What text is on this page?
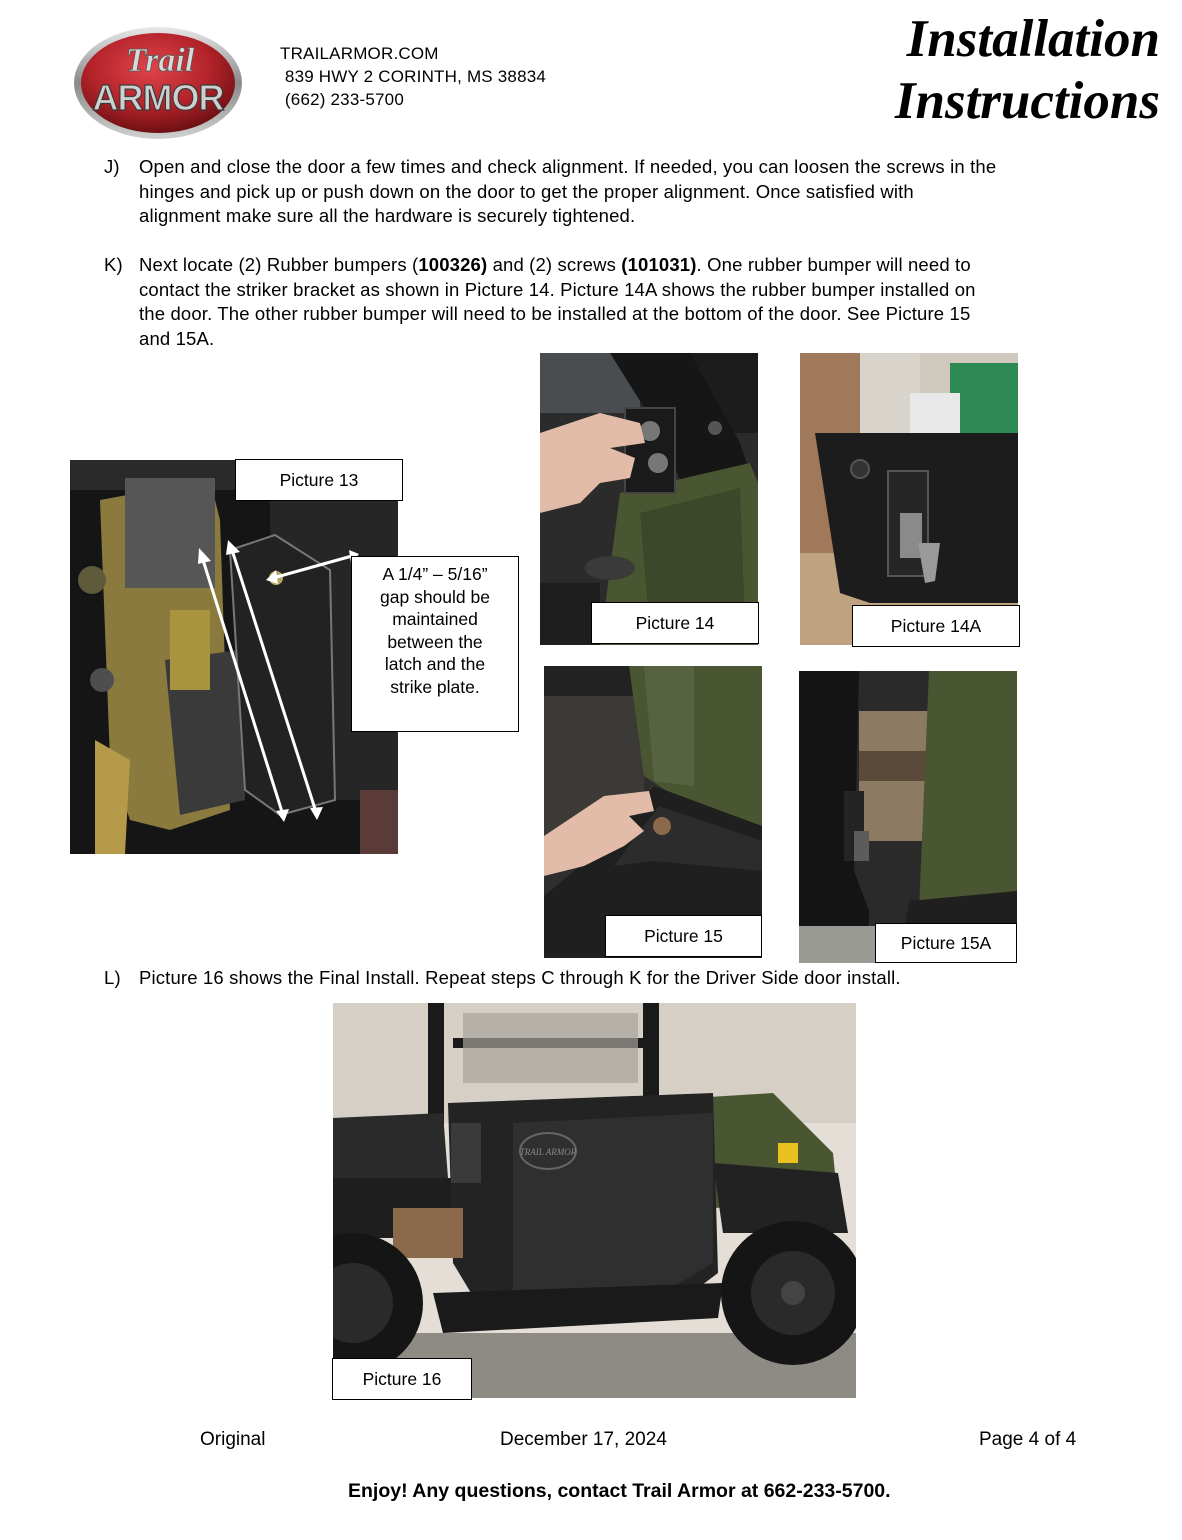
Trail
ARMOR
TRAILARMOR.COM
839 HWY 2 CORINTH, MS 38834
(662) 233-5700
Installation
Instructions
J) Open and close the door a few times and check alignment. If needed, you can loosen the screws in the
hinges and pick up or push down on the door to get the proper alignment. Once satisfied with
alignment make sure all the hardware is securely tightened.
K) Next locate (2) Rubber bumpers (100326) and (2) screws (101031). One rubber bumper will need to
contact the striker bracket as shown in Picture 14. Picture 14A shows the rubber bumper installed on
the door. The other rubber bumper will need to be installed at the bottom of the door. See Picture 15
and 15A.
Picture 13
A 1/4” – 5/16”
gap should be
maintained
between the
latch and the
strike plate.
Picture 14	Picture 14A
Picture 15	Picture 15A
L) Picture 16 shows the Final Install. Repeat steps C through K for the Driver Side door install.
TRAIL ARMOR
Picture 16
Original	December 17, 2024	Page 4 of 4
Enjoy! Any questions, contact Trail Armor at 662-233-5700.
